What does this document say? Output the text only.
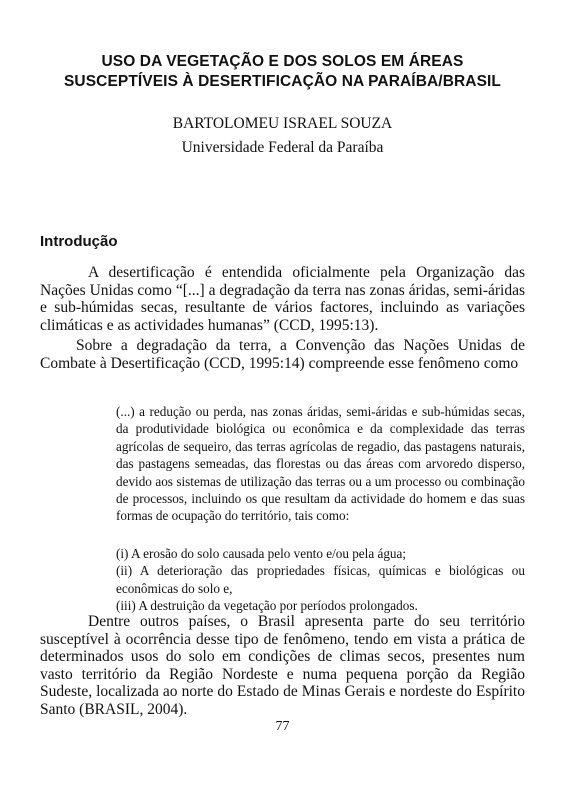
USO DA VEGETAÇÃO E DOS SOLOS EM ÁREAS
SUSCEPTÍVEIS À DESERTIFICAÇÃO NA PARAÍBA/BRASIL
BARTOLOMEU ISRAEL SOUZA
Universidade Federal da Paraíba
Introdução

A desertificação é entendida oficialmente pela Organização das Nações Unidas como “[...] a degradação da terra nas zonas áridas, semi-áridas e sub-húmidas secas, resultante de vários factores, incluindo as variações climáticas e as actividades humanas” (CCD, 1995:13).

Sobre a degradação da terra, a Convenção das Nações Unidas de Combate à Desertificação (CCD, 1995:14) compreende esse fenômeno como

(...) a redução ou perda, nas zonas áridas, semi-áridas e sub-húmidas secas, da produtividade biológica ou econômica e da complexidade das terras agrícolas de sequeiro, das terras agrícolas de regadio, das pastagens naturais, das pastagens semeadas, das florestas ou das áreas com arvoredo disperso, devido aos sistemas de utilização das terras ou a um processo ou combinação de processos, incluindo os que resultam da actividade do homem e das suas formas de ocupação do território, tais como:

(i) A erosão do solo causada pelo vento e/ou pela água;
(ii) A deterioração das propriedades físicas, químicas e biológicas ou econômicas do solo e,
(iii) A destruição da vegetação por períodos prolongados.

Dentre outros países, o Brasil apresenta parte do seu território susceptível à ocorrência desse tipo de fenômeno, tendo em vista a prática de determinados usos do solo em condições de climas secos, presentes num vasto território da Região Nordeste e numa pequena porção da Região Sudeste, localizada ao norte do Estado de Minas Gerais e nordeste do Espírito Santo (BRASIL, 2004).

77
